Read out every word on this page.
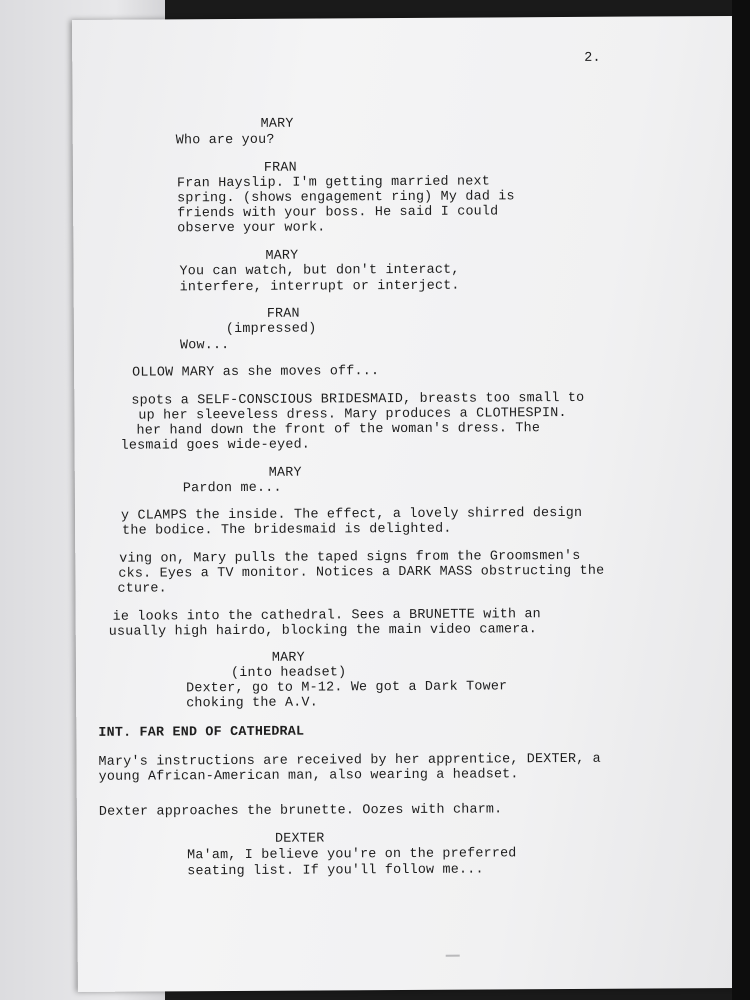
2.

MARY

Who are you?

FRAN

Fran Hayslip. I'm getting married next

spring. (shows engagement ring) My dad is

friends with your boss. He said I could

observe your work.

MARY

You can watch, but don't interact,

interfere, interrupt or interject.

FRAN

(impressed)

Wow...

OLLOW MARY as she moves off...

spots a SELF-CONSCIOUS BRIDESMAID, breasts too small to

up her sleeveless dress. Mary produces a CLOTHESPIN.

her hand down the front of the woman's dress. The

lesmaid goes wide-eyed.

MARY

Pardon me...

y CLAMPS the inside. The effect, a lovely shirred design

the bodice. The bridesmaid is delighted.

ving on, Mary pulls the taped signs from the Groomsmen's

cks. Eyes a TV monitor. Notices a DARK MASS obstructing the

cture.

ie looks into the cathedral. Sees a BRUNETTE with an

usually high hairdo, blocking the main video camera.

MARY

(into headset)

Dexter, go to M-12. We got a Dark Tower

choking the A.V.

INT. FAR END OF CATHEDRAL

Mary's instructions are received by her apprentice, DEXTER, a

young African-American man, also wearing a headset.

Dexter approaches the brunette. Oozes with charm.

DEXTER

Ma'am, I believe you're on the preferred

seating list. If you'll follow me...
